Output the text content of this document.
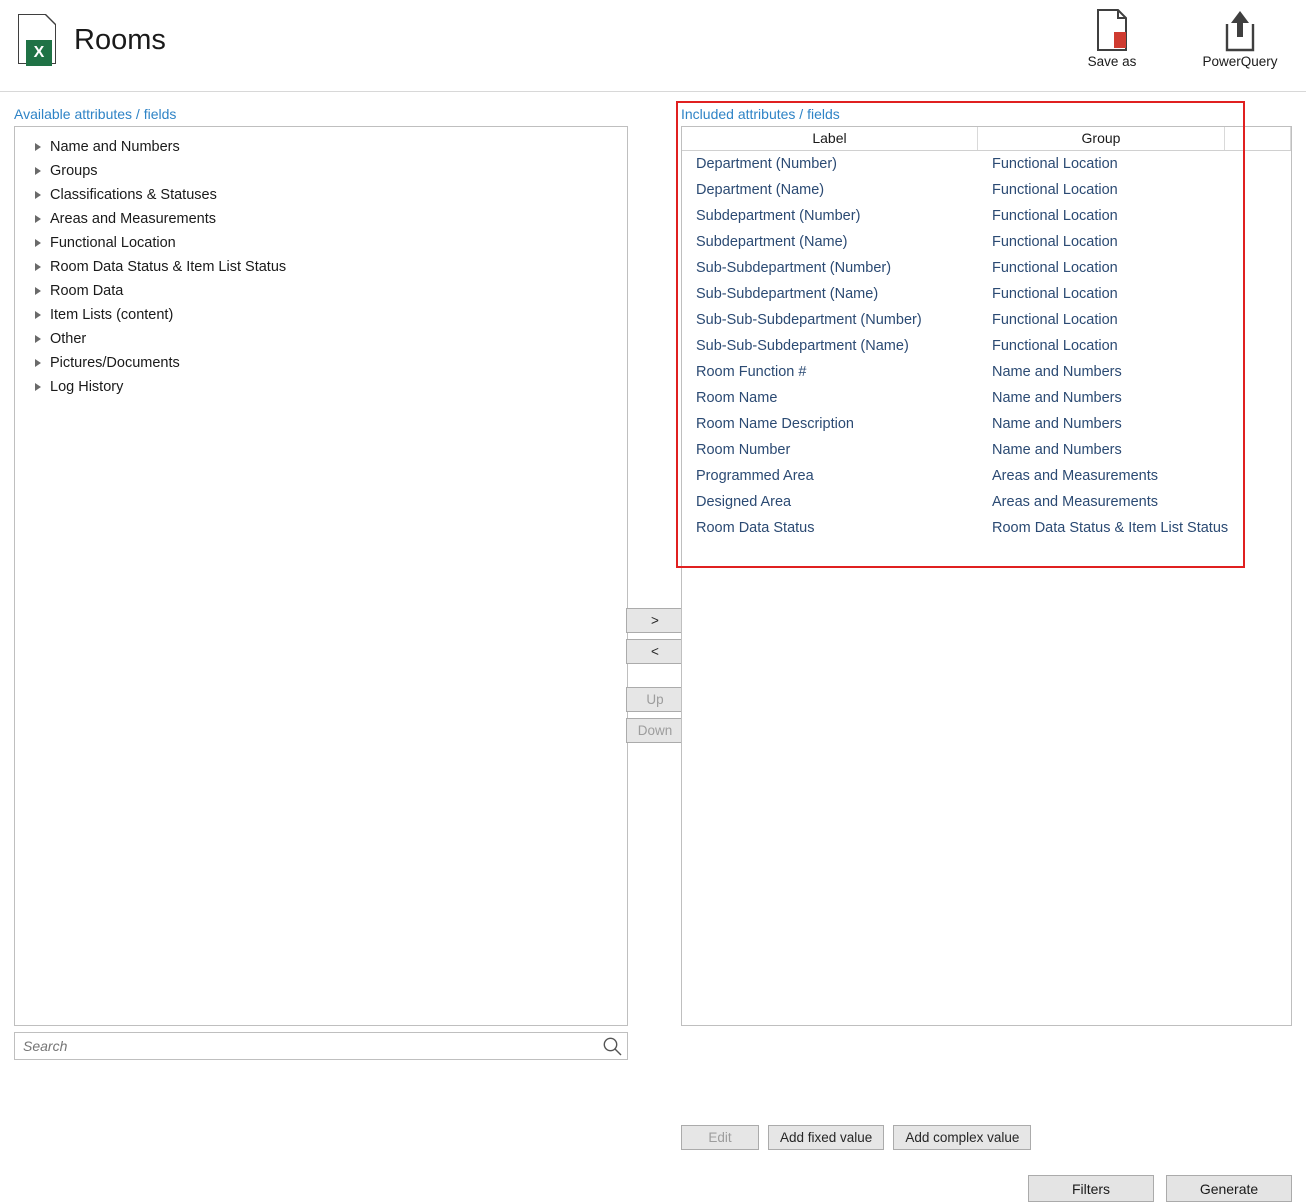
X Rooms
Save as	PowerQuery
Available attributes / fields
Name and Numbers
Groups
Classifications & Statuses
Areas and Measurements
Functional Location
Room Data Status & Item List Status
Room Data
Item Lists (content)
Other
Pictures/Documents
Log History
Search
>
<
Up
Down
Included attributes / fields
Label	Group
Department (Number)	Functional Location
Department (Name)	Functional Location
Subdepartment (Number)	Functional Location
Subdepartment (Name)	Functional Location
Sub-Subdepartment (Number)	Functional Location
Sub-Subdepartment (Name)	Functional Location
Sub-Sub-Subdepartment (Number)	Functional Location
Sub-Sub-Subdepartment (Name)	Functional Location
Room Function #	Name and Numbers
Room Name	Name and Numbers
Room Name Description	Name and Numbers
Room Number	Name and Numbers
Programmed Area	Areas and Measurements
Designed Area	Areas and Measurements
Room Data Status	Room Data Status & Item List Status
Edit	Add fixed value	Add complex value
Filters	Generate
